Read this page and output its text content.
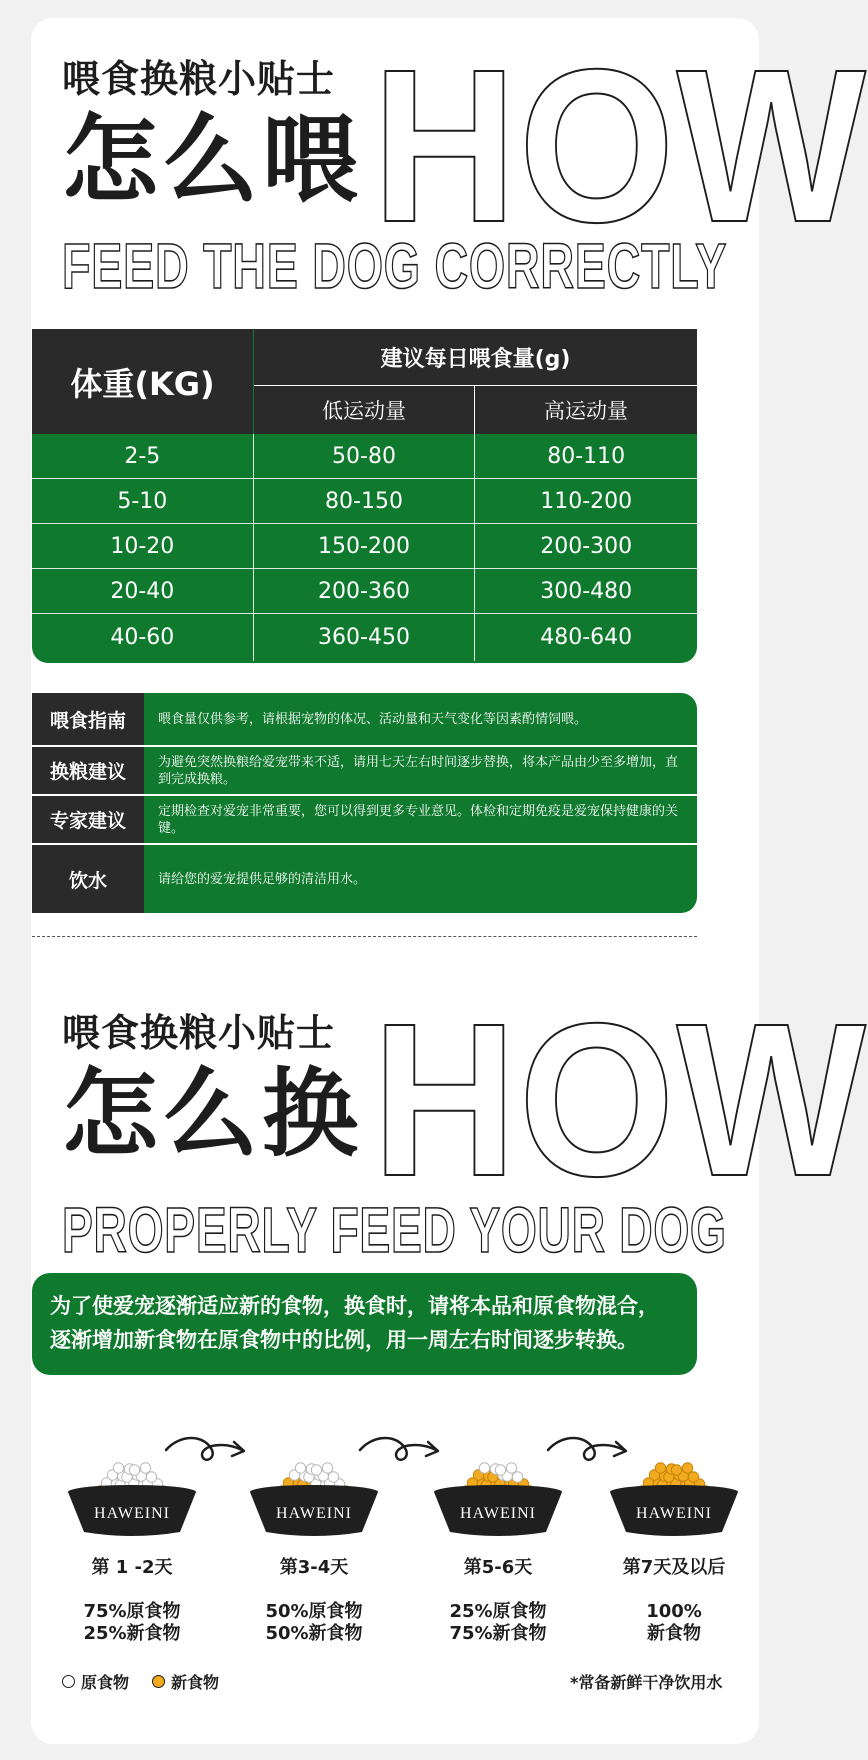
喂食换粮小贴士
怎么喂 HOW
FEED THE DOG CORRECTLY
体重(KG)
建议每日喂食量(g)
低运动量	高运动量
2-5	50-80	80-110
5-10	80-150	110-200
10-20	150-200	200-300
20-40	200-360	300-480
40-60	360-450	480-640
喂食指南	喂食量仅供参考，请根据宠物的体况、活动量和天气变化等因素酌情饲喂。
换粮建议	为避免突然换粮给爱宠带来不适，请用七天左右时间逐步替换，将本产品由少至多增加，直到完成换粮。
专家建议	定期检查对爱宠非常重要，您可以得到更多专业意见。体检和定期免疫是爱宠保持健康的关键。
饮水	请给您的爱宠提供足够的清洁用水。
喂食换粮小贴士
怎么换 HOW
PROPERLY FEED YOUR DOG
为了使爱宠逐渐适应新的食物，换食时，请将本品和原食物混合，逐渐增加新食物在原食物中的比例，用一周左右时间逐步转换。
HAWEINI	HAWEINI	HAWEINI	HAWEINI
第 1 -2天
75%原食物
25%新食物
第3-4天
50%原食物
50%新食物
第5-6天
25%原食物
75%新食物
第7天及以后
100%
新食物
原食物	新食物	*常备新鲜干净饮用水
